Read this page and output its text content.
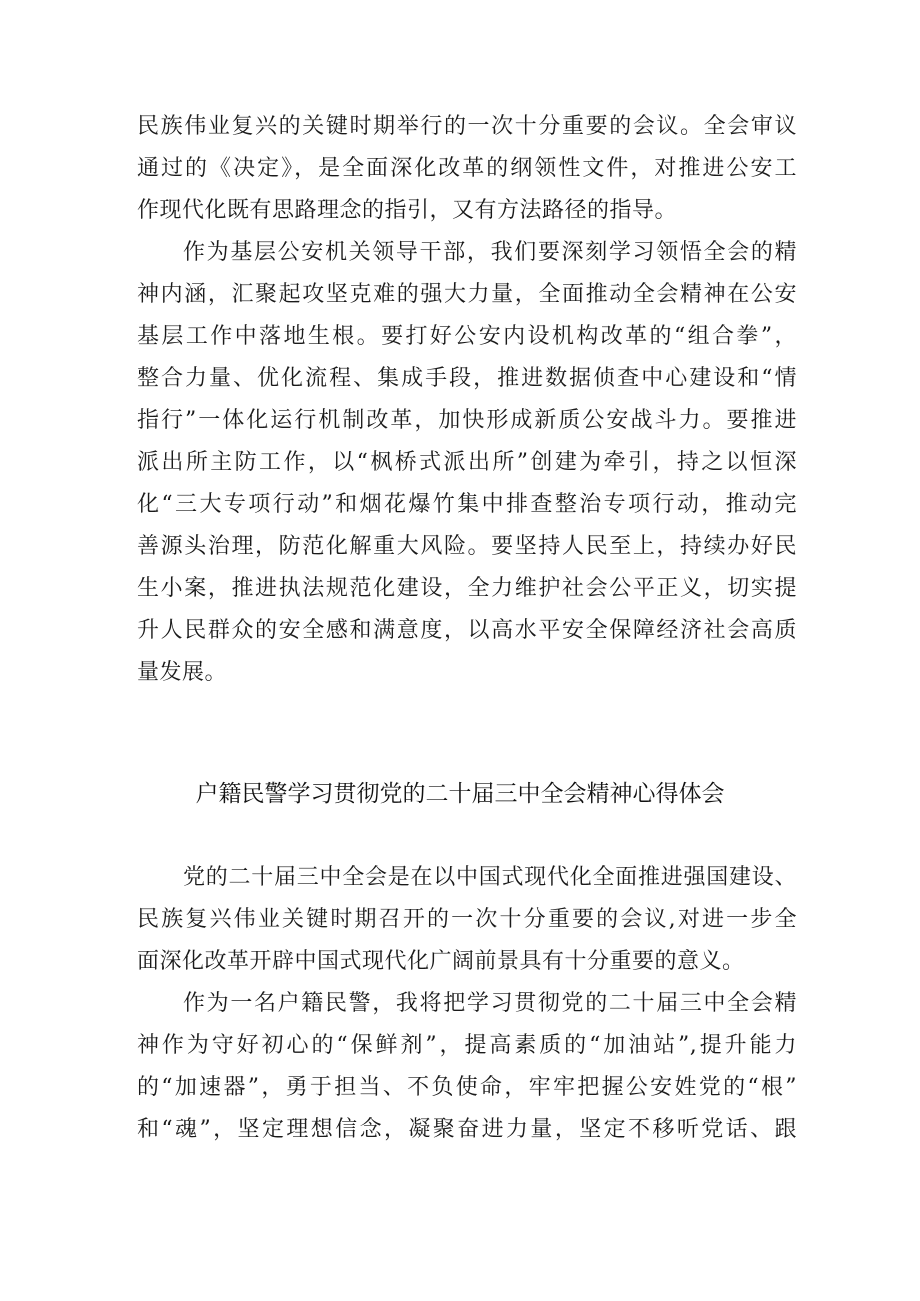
民族伟业复兴的关键时期举行的一次十分重要的会议。全会审议
通过的《决定》，是全面深化改革的纲领性文件，对推进公安工
作现代化既有思路理念的指引，又有方法路径的指导。
作为基层公安机关领导干部，我们要深刻学习领悟全会的精
神内涵，汇聚起攻坚克难的强大力量，全面推动全会精神在公安
基层工作中落地生根。要打好公安内设机构改革的“组合拳”，
整合力量、优化流程、集成手段，推进数据侦查中心建设和“情
指行”一体化运行机制改革，加快形成新质公安战斗力。要推进
派出所主防工作，以“枫桥式派出所”创建为牵引，持之以恒深
化“三大专项行动”和烟花爆竹集中排查整治专项行动，推动完
善源头治理，防范化解重大风险。要坚持人民至上，持续办好民
生小案，推进执法规范化建设，全力维护社会公平正义，切实提
升人民群众的安全感和满意度，以高水平安全保障经济社会高质
量发展。
户籍民警学习贯彻党的二十届三中全会精神心得体会
党的二十届三中全会是在以中国式现代化全面推进强国建设、
民族复兴伟业关键时期召开的一次十分重要的会议,对进一步全
面深化改革开辟中国式现代化广阔前景具有十分重要的意义。
作为一名户籍民警，我将把学习贯彻党的二十届三中全会精
神作为守好初心的“保鲜剂”，提高素质的“加油站”,提升能力
的“加速器”，勇于担当、不负使命，牢牢把握公安姓党的“根”
和“魂”，坚定理想信念，凝聚奋进力量，坚定不移听党话、跟
